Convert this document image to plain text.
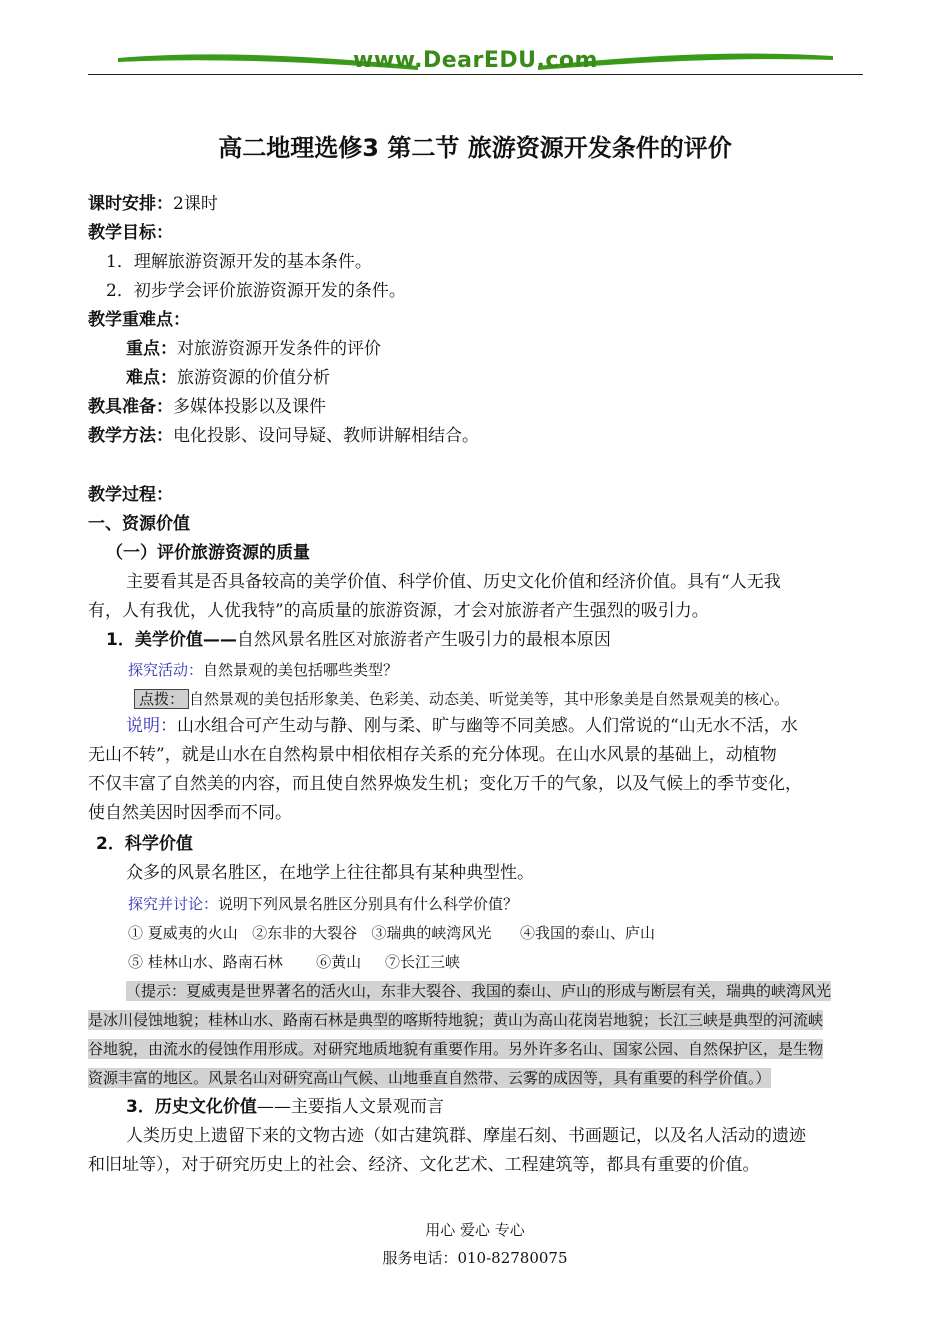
www.DearEDU.com
高二地理选修3 第二节 旅游资源开发条件的评价
课时安排：2课时
教学目标：
1．理解旅游资源开发的基本条件。
2．初步学会评价旅游资源开发的条件。
教学重难点：
重点：对旅游资源开发条件的评价
难点：旅游资源的价值分析
教具准备：多媒体投影以及课件
教学方法：电化投影、设问导疑、教师讲解相结合。
教学过程：
一、资源价值
（一）评价旅游资源的质量
主要看其是否具备较高的美学价值、科学价值、历史文化价值和经济价值。具有“人无我
有，人有我优，人优我特”的高质量的旅游资源，才会对旅游者产生强烈的吸引力。
1．美学价值——自然风景名胜区对旅游者产生吸引力的最根本原因
探究活动：自然景观的美包括哪些类型？
点拨： 自然景观的美包括形象美、色彩美、动态美、听觉美等，其中形象美是自然景观美的核心。
说明：山水组合可产生动与静、刚与柔、旷与幽等不同美感。人们常说的“山无水不活，水
无山不转”，就是山水在自然构景中相依相存关系的充分体现。在山水风景的基础上，动植物
不仅丰富了自然美的内容，而且使自然界焕发生机；变化万千的气象，以及气候上的季节变化，
使自然美因时因季而不同。
2．科学价值
众多的风景名胜区，在地学上往往都具有某种典型性。
探究并讨论：说明下列风景名胜区分别具有什么科学价值？
① 夏威夷的火山   ②东非的大裂谷   ③瑞典的峡湾风光      ④我国的泰山、庐山
⑤ 桂林山水、路南石林       ⑥黄山     ⑦长江三峡
（提示：夏威夷是世界著名的活火山，东非大裂谷、我国的泰山、庐山的形成与断层有关，瑞典的峡湾风光
是冰川侵蚀地貌；桂林山水、路南石林是典型的喀斯特地貌；黄山为高山花岗岩地貌；长江三峡是典型的河流峡
谷地貌，由流水的侵蚀作用形成。对研究地质地貌有重要作用。另外许多名山、国家公园、自然保护区，是生物
资源丰富的地区。风景名山对研究高山气候、山地垂直自然带、云雾的成因等，具有重要的科学价值。）
3．历史文化价值——主要指人文景观而言
人类历史上遗留下来的文物古迹（如古建筑群、摩崖石刻、书画题记，以及名人活动的遗迹
和旧址等），对于研究历史上的社会、经济、文化艺术、工程建筑等，都具有重要的价值。
用心 爱心 专心
服务电话：010-82780075
